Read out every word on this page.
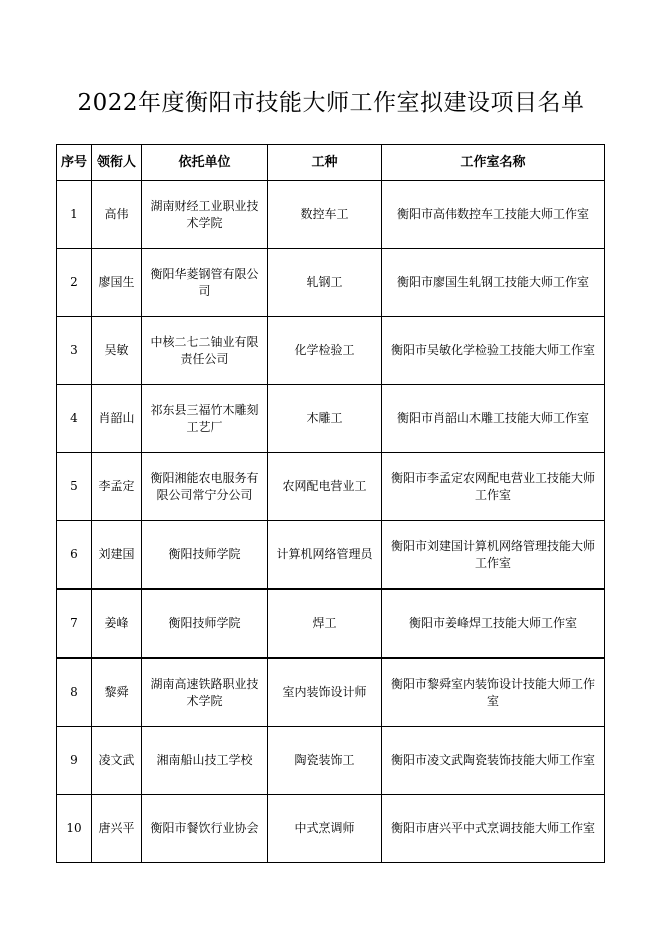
2022年度衡阳市技能大师工作室拟建设项目名单
序号	领衔人	依托单位	工种	工作室名称
1	高伟	湖南财经工业职业技术学院	数控车工	衡阳市高伟数控车工技能大师工作室
2	廖国生	衡阳华菱钢管有限公司	轧钢工	衡阳市廖国生轧钢工技能大师工作室
3	吴敏	中核二七二铀业有限责任公司	化学检验工	衡阳市吴敏化学检验工技能大师工作室
4	肖韶山	祁东县三福竹木雕刻工艺厂	木雕工	衡阳市肖韶山木雕工技能大师工作室
5	李孟定	衡阳湘能农电服务有限公司常宁分公司	农网配电营业工	衡阳市李孟定农网配电营业工技能大师工作室
6	刘建国	衡阳技师学院	计算机网络管理员	衡阳市刘建国计算机网络管理技能大师工作室
7	姜峰	衡阳技师学院	焊工	衡阳市姜峰焊工技能大师工作室
8	黎舜	湖南高速铁路职业技术学院	室内装饰设计师	衡阳市黎舜室内装饰设计技能大师工作室
9	凌文武	湘南船山技工学校	陶瓷装饰工	衡阳市凌文武陶瓷装饰技能大师工作室
10	唐兴平	衡阳市餐饮行业协会	中式烹调师	衡阳市唐兴平中式烹调技能大师工作室
